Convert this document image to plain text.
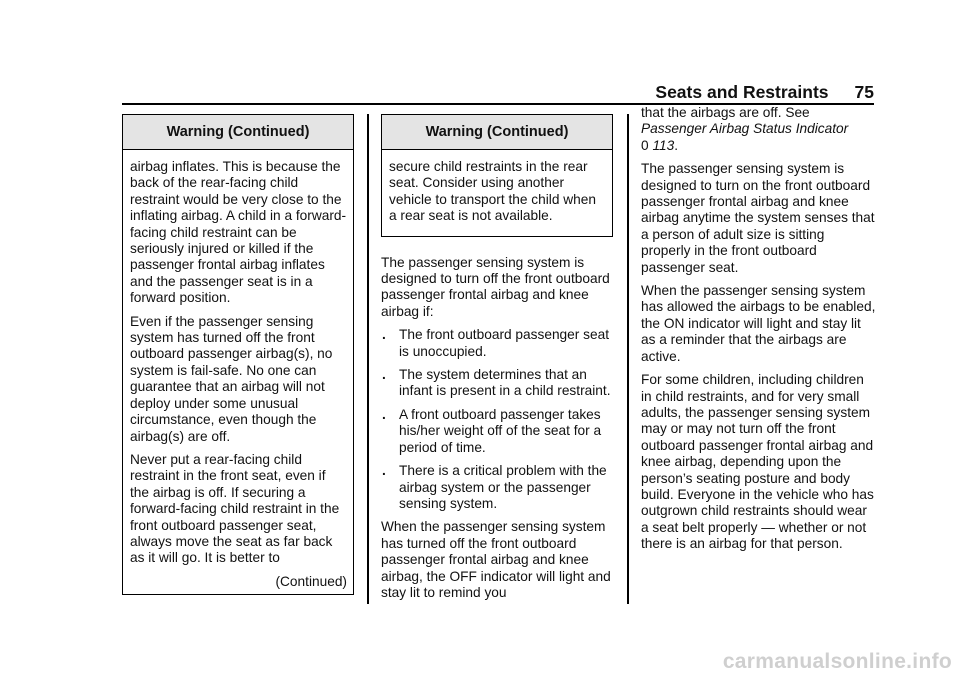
Seats and Restraints 75
Warning (Continued)

airbag inflates. This is because the back of the rear-facing child restraint would be very close to the inflating airbag. A child in a forward-facing child restraint can be seriously injured or killed if the passenger frontal airbag inflates and the passenger seat is in a forward position.

Even if the passenger sensing system has turned off the front outboard passenger airbag(s), no system is fail-safe. No one can guarantee that an airbag will not deploy under some unusual circumstance, even though the airbag(s) are off.

Never put a rear-facing child restraint in the front seat, even if the airbag is off. If securing a forward-facing child restraint in the front outboard passenger seat, always move the seat as far back as it will go. It is better to

(Continued)

Warning (Continued)

secure child restraints in the rear seat. Consider using another vehicle to transport the child when a rear seat is not available.

The passenger sensing system is designed to turn off the front outboard passenger frontal airbag and knee airbag if:

. The front outboard passenger seat is unoccupied.
. The system determines that an infant is present in a child restraint.
. A front outboard passenger takes his/her weight off of the seat for a period of time.
. There is a critical problem with the airbag system or the passenger sensing system.

When the passenger sensing system has turned off the front outboard passenger frontal airbag and knee airbag, the OFF indicator will light and stay lit to remind you

that the airbags are off. See
Passenger Airbag Status Indicator
0 113.

The passenger sensing system is designed to turn on the front outboard passenger frontal airbag and knee airbag anytime the system senses that a person of adult size is sitting properly in the front outboard passenger seat.

When the passenger sensing system has allowed the airbags to be enabled, the ON indicator will light and stay lit as a reminder that the airbags are active.

For some children, including children in child restraints, and for very small adults, the passenger sensing system may or may not turn off the front outboard passenger frontal airbag and knee airbag, depending upon the person’s seating posture and body build. Everyone in the vehicle who has outgrown child restraints should wear a seat belt properly — whether or not there is an airbag for that person.

carmanualsonline.info
